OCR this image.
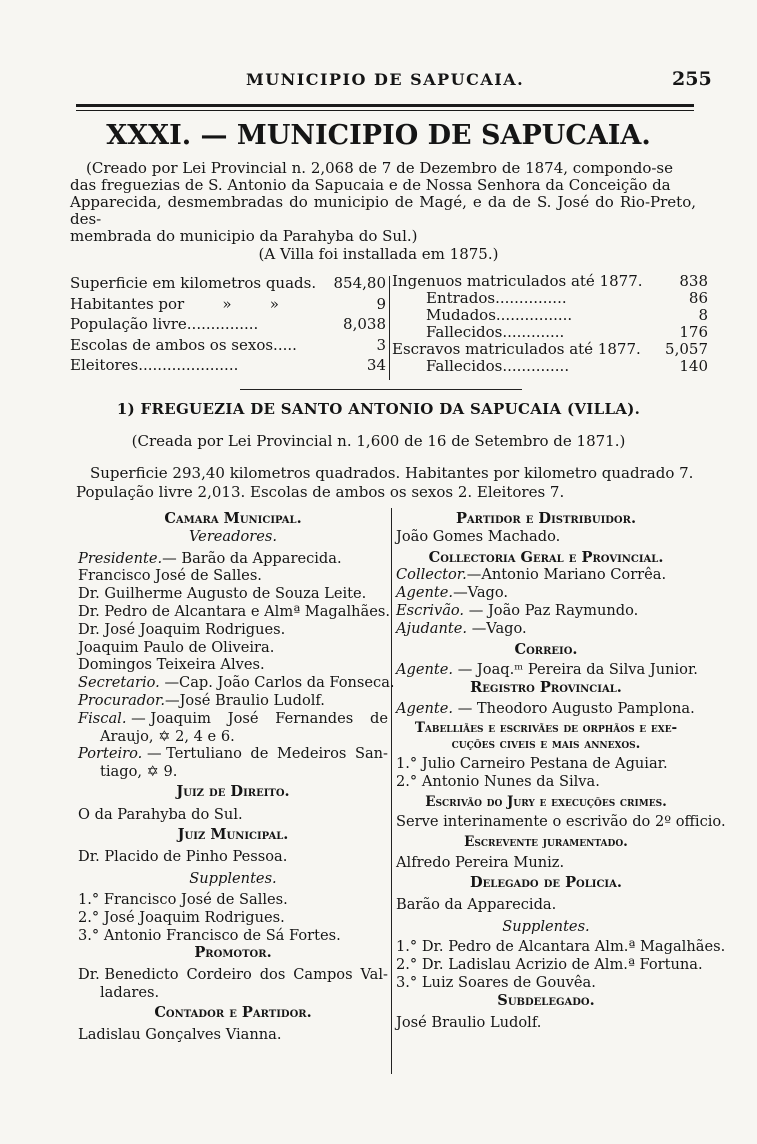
MUNICIPIO DE SAPUCAIA.	255
XXXI. — MUNICIPIO DE SAPUCAIA.
(Creado por Lei Provincial n. 2,068 de 7 de Dezembro de 1874, compondo-se
das freguezias de S. Antonio da Sapucaia e de Nossa Senhora da Conceição da
Apparecida, desmembradas do municipio de Magé, e da de S. José do Rio-Preto, des-
membrada do municipio da Parahyba do Sul.)
(A Villa foi installada em 1875.)
Superficie em kilometros quads. 854,80
Habitantes por        »        »	9
População livre...............	8,038
Escolas de ambos os sexos.....	3
Eleitores.....................	34
Ingenuos matriculados até 1877. 838
Entrados...............	86
Mudados................	8
Fallecidos.............	176
Escravos matriculados até 1877. 5,057
Fallecidos..............	140
1) FREGUEZIA DE SANTO ANTONIO DA SAPUCAIA (VILLA).
(Creada por Lei Provincial n. 1,600 de 16 de Setembro de 1871.)
Superficie 293,40 kilometros quadrados. Habitantes por kilometro quadrado 7.
População livre 2,013. Escolas de ambos os sexos 2. Eleitores 7.
Camara Municipal.
Vereadores.
Presidente.— Barão da Apparecida.
Francisco José de Salles.
Dr. Guilherme Augusto de Souza Leite.
Dr. Pedro de Alcantara e Almª Magalhães.
Dr. José Joaquim Rodrigues.
Joaquim Paulo de Oliveira.
Domingos Teixeira Alves.
Secretario. —Cap. João Carlos da Fonseca.
Procurador.—José Braulio Ludolf.
Fiscal. — Joaquim José Fernandes de
Araujo, ✡ 2, 4 e 6.
Porteiro. — Tertuliano de Medeiros San-
tiago, ✡ 9.
Juiz de Direito.
O da Parahyba do Sul.
Juiz Municipal.
Dr. Placido de Pinho Pessoa.
Supplentes.
1.° Francisco José de Salles.
2.° José Joaquim Rodrigues.
3.° Antonio Francisco de Sá Fortes.
Promotor.
Dr. Benedicto Cordeiro dos Campos Val-
ladares.
Contador e Partidor.
Ladislau Gonçalves Vianna.
Partidor e Distribuidor.
João Gomes Machado.
Collectoria Geral e Provincial.
Collector.—Antonio Mariano Corrêa.
Agente.—Vago.
Escrivão. — João Paz Raymundo.
Ajudante. —Vago.
Correio.
Agente. — Joaq.ᵐ Pereira da Silva Junior.
Registro Provincial.
Agente. — Theodoro Augusto Pamplona.
Tabelliães e escrivães de orphãos e exe-
cuções civeis e mais annexos.
1.° Julio Carneiro Pestana de Aguiar.
2.° Antonio Nunes da Silva.
Escrivão do Jury e execuções crimes.
Serve interinamente o escrivão do 2º officio.
Escrevente juramentado.
Alfredo Pereira Muniz.
Delegado de Policia.
Barão da Apparecida.
Supplentes.
1.° Dr. Pedro de Alcantara Alm.ª Magalhães.
2.° Dr. Ladislau Acrizio de Alm.ª Fortuna.
3.° Luiz Soares de Gouvêa.
Subdelegado.
José Braulio Ludolf.
